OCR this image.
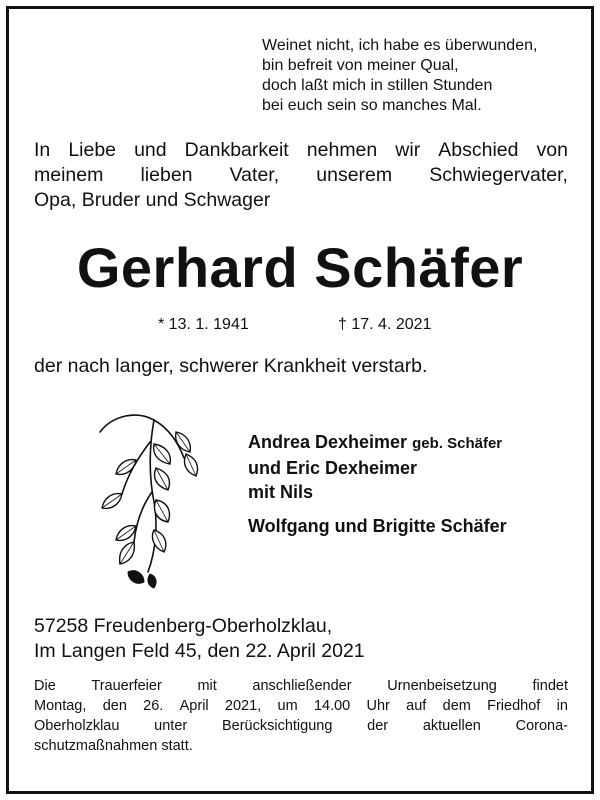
Weinet nicht, ich habe es überwunden,
bin befreit von meiner Qual,
doch laßt mich in stillen Stunden
bei euch sein so manches Mal.
In Liebe und Dankbarkeit nehmen wir Abschied von
meinem lieben Vater, unserem Schwiegervater,
Opa, Bruder und Schwager
Gerhard Schäfer
* 13. 1. 1941	† 17. 4. 2021
der nach langer, schwerer Krankheit verstarb.
Andrea Dexheimer geb. Schäfer
und Eric Dexheimer
mit Nils
Wolfgang und Brigitte Schäfer
57258 Freudenberg-Oberholzklau,
Im Langen Feld 45, den 22. April 2021
Die Trauerfeier mit anschließender Urnenbeisetzung findet
Montag, den 26. April 2021, um 14.00 Uhr auf dem Friedhof in
Oberholzklau unter Berücksichtigung der aktuellen Corona-
schutzmaßnahmen statt.
